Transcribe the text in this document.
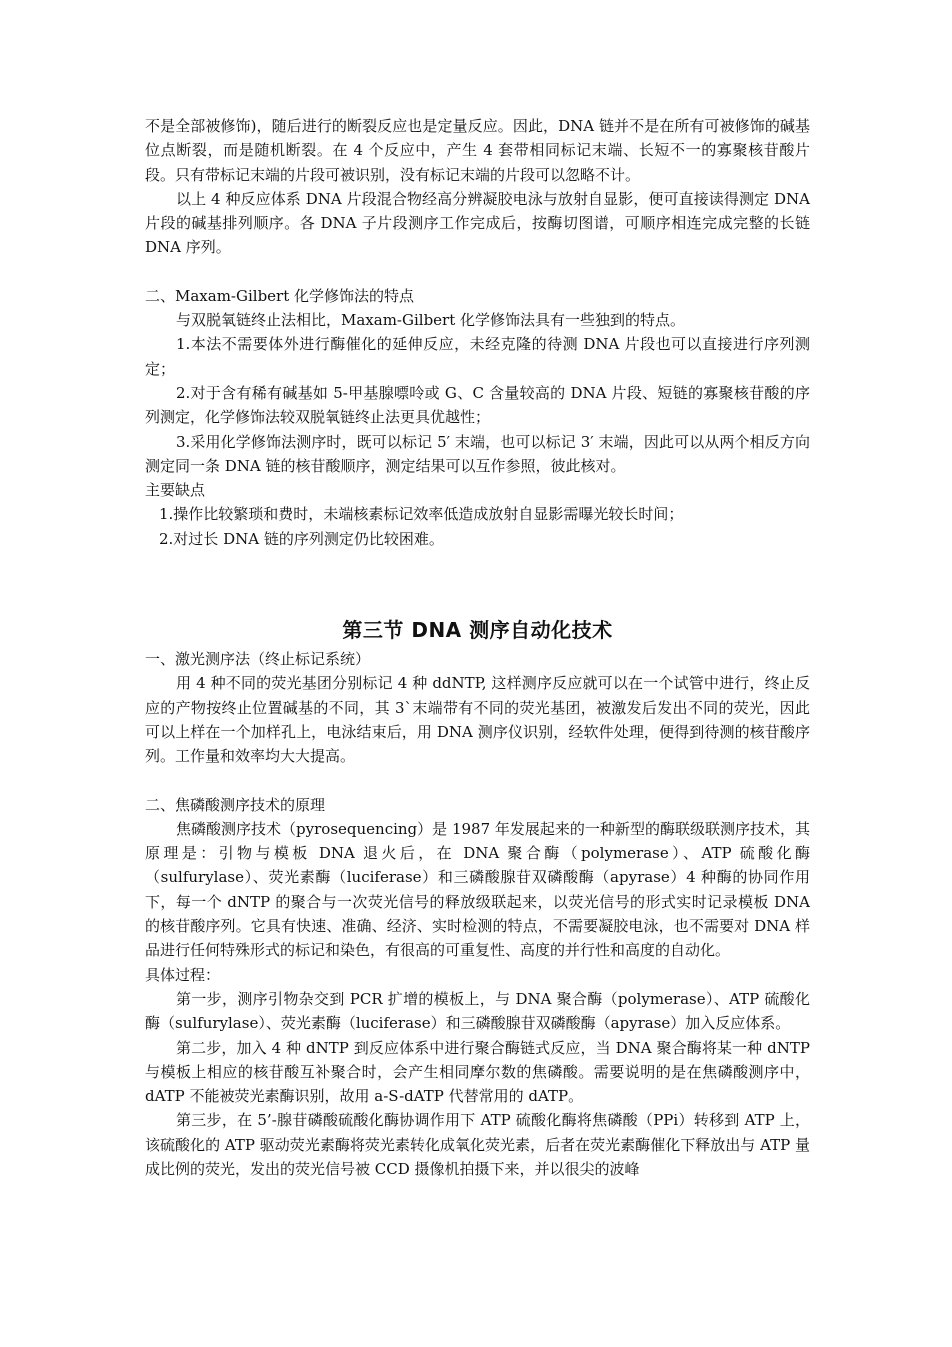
不是全部被修饰)，随后进行的断裂反应也是定量反应。因此，DNA 链并不是在所有可被修饰的碱基位点断裂，而是随机断裂。在 4 个反应中，产生 4 套带相同标记末端、长短不一的寡聚核苷酸片段。只有带标记末端的片段可被识别，没有标记末端的片段可以忽略不计。

以上 4 种反应体系 DNA 片段混合物经高分辨凝胶电泳与放射自显影，便可直接读得测定 DNA 片段的碱基排列顺序。各 DNA 子片段测序工作完成后，按酶切图谱，可顺序相连完成完整的长链 DNA 序列。

二、Maxam-Gilbert 化学修饰法的特点

与双脱氧链终止法相比，Maxam-Gilbert 化学修饰法具有一些独到的特点。

1.本法不需要体外进行酶催化的延伸反应，未经克隆的待测 DNA 片段也可以直接进行序列测定；

2.对于含有稀有碱基如 5-甲基腺嘌呤或 G、C 含量较高的 DNA 片段、短链的寡聚核苷酸的序列测定，化学修饰法较双脱氧链终止法更具优越性；

3.采用化学修饰法测序时，既可以标记 5′ 末端，也可以标记 3′ 末端，因此可以从两个相反方向测定同一条 DNA 链的核苷酸顺序，测定结果可以互作参照，彼此核对。

主要缺点

1.操作比较繁琐和费时，未端核素标记效率低造成放射自显影需曝光较长时间；

2.对过长 DNA 链的序列测定仍比较困难。

第三节 DNA 测序自动化技术

一、激光测序法（终止标记系统）

用 4 种不同的荧光基团分别标记 4 种 ddNTP, 这样测序反应就可以在一个试管中进行，终止反应的产物按终止位置碱基的不同，其 3`末端带有不同的荧光基团，被激发后发出不同的荧光，因此可以上样在一个加样孔上，电泳结束后，用 DNA 测序仪识别，经软件处理，便得到待测的核苷酸序列。工作量和效率均大大提高。

二、焦磷酸测序技术的原理

焦磷酸测序技术（pyrosequencing）是 1987 年发展起来的一种新型的酶联级联测序技术，其原理是：引物与模板 DNA 退火后，在 DNA 聚合酶（polymerase）、ATP 硫酸化酶（sulfurylase）、荧光素酶（luciferase）和三磷酸腺苷双磷酸酶（apyrase）4 种酶的协同作用下，每一个 dNTP 的聚合与一次荧光信号的释放级联起来，以荧光信号的形式实时记录模板 DNA 的核苷酸序列。它具有快速、准确、经济、实时检测的特点，不需要凝胶电泳，也不需要对 DNA 样品进行任何特殊形式的标记和染色，有很高的可重复性、高度的并行性和高度的自动化。

具体过程：

第一步，测序引物杂交到 PCR 扩增的模板上，与 DNA 聚合酶（polymerase）、ATP 硫酸化酶（sulfurylase）、荧光素酶（luciferase）和三磷酸腺苷双磷酸酶（apyrase）加入反应体系。

第二步，加入 4 种 dNTP 到反应体系中进行聚合酶链式反应，当 DNA 聚合酶将某一种 dNTP 与模板上相应的核苷酸互补聚合时，会产生相同摩尔数的焦磷酸。需要说明的是在焦磷酸测序中，dATP 不能被荧光素酶识别，故用 a-S-dATP 代替常用的 dATP。

第三步，在 5’-腺苷磷酸硫酸化酶协调作用下 ATP 硫酸化酶将焦磷酸（PPi）转移到 ATP 上，该硫酸化的 ATP 驱动荧光素酶将荧光素转化成氧化荧光素，后者在荧光素酶催化下释放出与 ATP 量成比例的荧光，发出的荧光信号被 CCD 摄像机拍摄下来，并以很尖的波峰
